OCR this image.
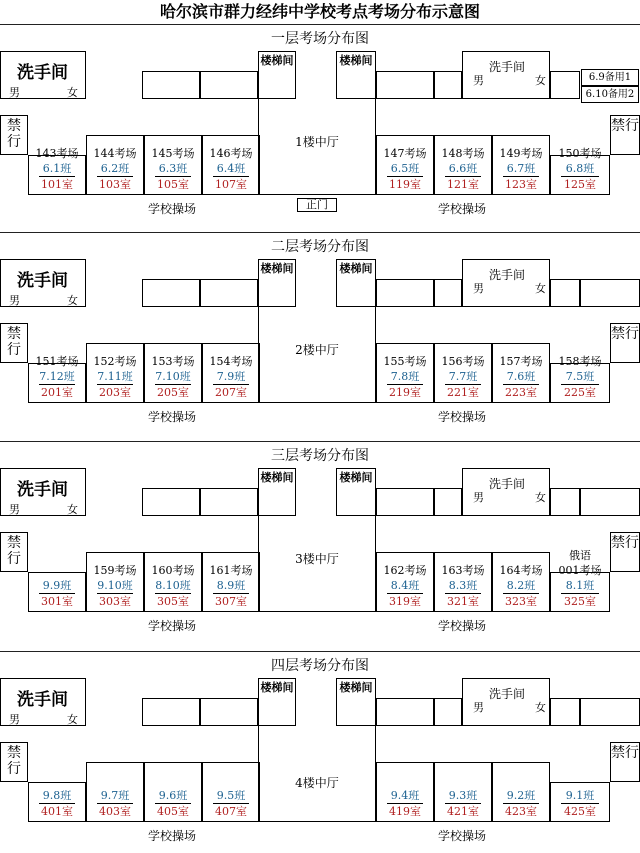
哈尔滨市群力经纬中学校考点考场分布示意图
一层考场分布图
洗手间
男	女
楼梯间	楼梯间	洗手间
男	女	6.9备用1
6.10备用2
禁行
禁行
1楼中厅
143考场
6.1班
101室
144考场
6.2班
103室
145考场
6.3班
105室
146考场
6.4班
107室
147考场
6.5班
119室
148考场
6.6班
121室
149考场
6.7班
123室
150考场
6.8班
125室
学校操场	学校操场
正门
二层考场分布图
洗手间
男	女
楼梯间	楼梯间	洗手间
男	女
禁行
禁行
2楼中厅
151考场
7.12班
201室
152考场
7.11班
203室
153考场
7.10班
205室
154考场
7.9班
207室
155考场
7.8班
219室
156考场
7.7班
221室
157考场
7.6班
223室
158考场
7.5班
225室
学校操场	学校操场
三层考场分布图
洗手间
男	女
楼梯间	楼梯间	洗手间
男	女
禁行
禁行
3楼中厅
9.9班
301室
159考场
9.10班
303室
160考场
8.10班
305室
161考场
8.9班
307室
162考场
8.4班
319室
163考场
8.3班
321室
164考场
8.2班
323室
俄语
001考场
8.1班
325室
学校操场	学校操场
四层考场分布图
洗手间
男	女
楼梯间	楼梯间	洗手间
男	女
禁行
禁行
4楼中厅
9.8班
401室
9.7班
403室
9.6班
405室
9.5班
407室
9.4班
419室
9.3班
421室
9.2班
423室
9.1班
425室
学校操场	学校操场
